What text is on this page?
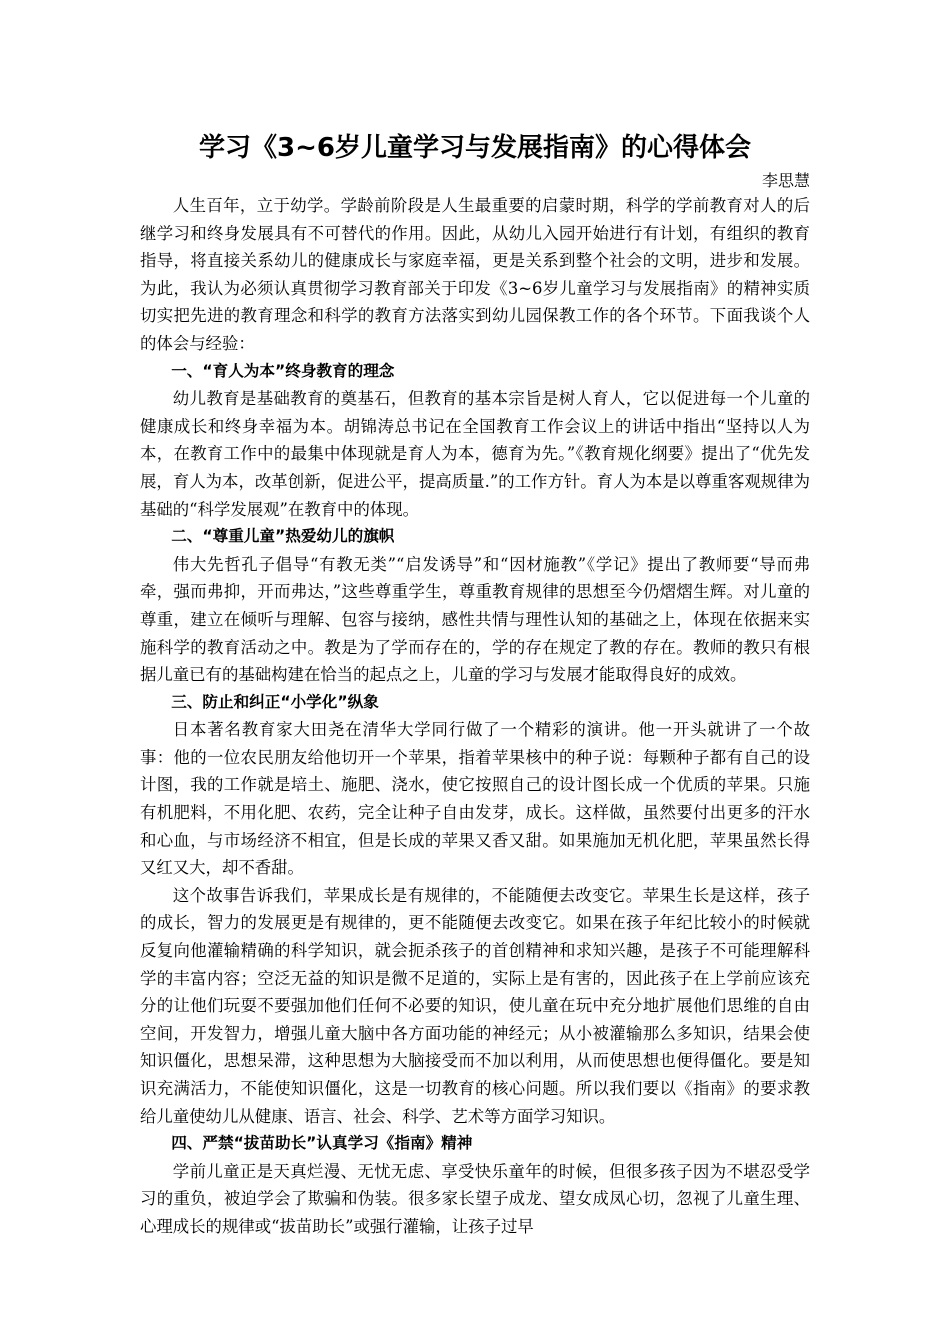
学习《3~6岁儿童学习与发展指南》的心得体会

李思慧

人生百年，立于幼学。学龄前阶段是人生最重要的启蒙时期，科学的学前教育对人的后继学习和终身发展具有不可替代的作用。因此，从幼儿入园开始进行有计划，有组织的教育指导，将直接关系幼儿的健康成长与家庭幸福，更是关系到整个社会的文明，进步和发展。为此，我认为必须认真贯彻学习教育部关于印发《3~6岁儿童学习与发展指南》的精神实质切实把先进的教育理念和科学的教育方法落实到幼儿园保教工作的各个环节。下面我谈个人的体会与经验：

一、“育人为本”终身教育的理念

幼儿教育是基础教育的奠基石，但教育的基本宗旨是树人育人，它以促进每一个儿童的健康成长和终身幸福为本。胡锦涛总书记在全国教育工作会议上的讲话中指出“坚持以人为本，在教育工作中的最集中体现就是育人为本，德育为先。”《教育规化纲要》提出了“优先发展，育人为本，改革创新，促进公平，提高质量.”的工作方针。育人为本是以尊重客观规律为基础的“科学发展观”在教育中的体现。

二、“尊重儿童”热爱幼儿的旗帜

伟大先哲孔子倡导“有教无类”“启发诱导”和“因材施教”《学记》提出了教师要“导而弗牵，强而弗抑，开而弗达，”这些尊重学生，尊重教育规律的思想至今仍熠熠生辉。对儿童的尊重，建立在倾听与理解、包容与接纳，感性共情与理性认知的基础之上，体现在依据来实施科学的教育活动之中。教是为了学而存在的，学的存在规定了教的存在。教师的教只有根据儿童已有的基础构建在恰当的起点之上，儿童的学习与发展才能取得良好的成效。

三、防止和纠正“小学化”纵象

日本著名教育家大田尧在清华大学同行做了一个精彩的演讲。他一开头就讲了一个故事：他的一位农民朋友给他切开一个苹果，指着苹果核中的种子说：每颗种子都有自己的设计图，我的工作就是培土、施肥、浇水，使它按照自己的设计图长成一个优质的苹果。只施有机肥料，不用化肥、农药，完全让种子自由发芽，成长。这样做，虽然要付出更多的汗水和心血，与市场经济不相宜，但是长成的苹果又香又甜。如果施加无机化肥，苹果虽然长得又红又大，却不香甜。

这个故事告诉我们，苹果成长是有规律的，不能随便去改变它。苹果生长是这样，孩子的成长，智力的发展更是有规律的，更不能随便去改变它。如果在孩子年纪比较小的时候就反复向他灌输精确的科学知识，就会扼杀孩子的首创精神和求知兴趣，是孩子不可能理解科学的丰富内容；空泛无益的知识是微不足道的，实际上是有害的，因此孩子在上学前应该充分的让他们玩耍不要强加他们任何不必要的知识，使儿童在玩中充分地扩展他们思维的自由空间，开发智力，增强儿童大脑中各方面功能的神经元；从小被灌输那么多知识，结果会使知识僵化，思想呆滞，这种思想为大脑接受而不加以利用，从而使思想也便得僵化。要是知识充满活力，不能使知识僵化，这是一切教育的核心问题。所以我们要以《指南》的要求教给儿童使幼儿从健康、语言、社会、科学、艺术等方面学习知识。

四、严禁“拔苗助长”认真学习《指南》精神

学前儿童正是天真烂漫、无忧无虑、享受快乐童年的时候，但很多孩子因为不堪忍受学习的重负，被迫学会了欺骗和伪装。很多家长望子成龙、望女成凤心切，忽视了儿童生理、心理成长的规律或“拔苗助长”或强行灌输，让孩子过早
